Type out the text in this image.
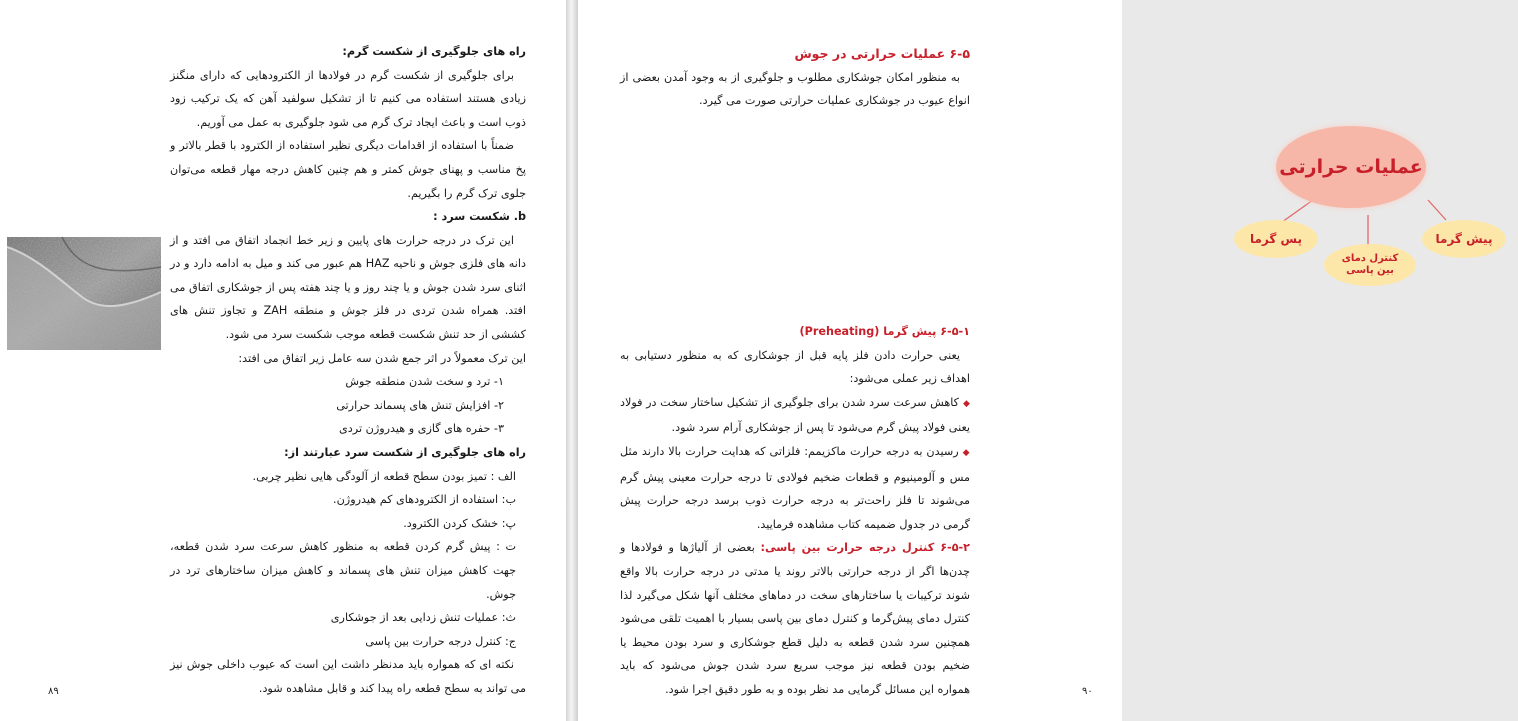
راه های جلوگیری از شکست گرم:

برای جلوگیری از شکست گرم در فولادها از الکترودهایی که دارای منگنز زیادی هستند استفاده می کنیم تا از تشکیل سولفید آهن که یک ترکیب زود ذوب است و باعث ایجاد ترک گرم می شود جلوگیری به عمل می آوریم.

ضمناً با استفاده از اقدامات دیگری نظیر استفاده از الکترود با قطر بالاتر و پخ مناسب و پهنای جوش کمتر و هم چنین کاهش درجه مهار قطعه می‌توان جلوی ترک گرم را بگیریم.

b. شکست سرد :

این ترک در درجه حرارت های پایین و زیر خط انجماد اتفاق می افتد و از دانه های فلزی جوش و ناحیه HAZ هم عبور می کند و میل به ادامه دارد و در اثنای سرد شدن جوش و یا چند روز و یا چند هفته پس از جوشکاری اتفاق می افتد. همراه شدن تردی در فلز جوش و منطقه ZAH و تجاوز تنش های کششی از حد تنش شکست قطعه موجب شکست سرد می شود.

این ترک معمولاً در اثر جمع شدن سه عامل زیر اتفاق می افتد:

۱- ترد و سخت شدن منطقه جوش

۲- افزایش تنش های پسماند حرارتی

۳- حفره های گازی و هیدروژن تردی

راه های جلوگیری از شکست سرد عبارتند از:

الف : تمیز بودن سطح قطعه از آلودگی هایی نظیر چربی.

ب: استفاده از الکترودهای کم هیدروژن.

پ: خشک کردن الکترود.

ت : پیش گرم کردن قطعه به منظور کاهش سرعت سرد شدن قطعه، جهت کاهش میزان تنش های پسماند و کاهش میزان ساختارهای ترد در جوش.

ث: عملیات تنش زدایی بعد از جوشکاری

ج: کنترل درجه حرارت بین پاسی

نکته ای که همواره باید مدنظر داشت این است که عیوب داخلی جوش نیز می تواند به سطح قطعه راه پیدا کند و قابل مشاهده شود.

۸۹

۶-۵ عملیات حرارتی در جوش

به منظور امکان جوشکاری مطلوب و جلوگیری از به وجود آمدن بعضی از انواع عیوب در جوشکاری عملیات حرارتی صورت می گیرد.

۶-۵-۱ پیش گرما (Preheating)

یعنی حرارت دادن فلز پایه قبل از جوشکاری که به منظور دستیابی به اهداف زیر عملی می‌شود:

◆کاهش سرعت سرد شدن برای جلوگیری از تشکیل ساختار سخت در فولاد یعنی فولاد پیش گرم می‌شود تا پس از جوشکاری آرام سرد شود.

◆رسیدن به درجه حرارت ماکزیمم: فلزاتی که هدایت حرارت بالا دارند مثل مس و آلومینیوم و قطعات ضخیم فولادی تا درجه حرارت معینی پیش گرم می‌شوند تا فلز راحت‌تر به درجه حرارت ذوب برسد درجه حرارت پیش گرمی در جدول ضمیمه کتاب مشاهده فرمایید.

۶-۵-۲ کنترل درجه حرارت بین پاسی: بعضی از آلیاژها و فولادها و چدن‌ها اگر از درجه حرارتی بالاتر روند یا مدتی در درجه حرارت بالا واقع شوند ترکیبات یا ساختارهای سخت در دماهای مختلف آنها شکل می‌گیرد لذا کنترل دمای پیش‌گرما و کنترل دمای بین پاسی بسیار با اهمیت تلقی می‌شود همچنین سرد شدن قطعه به دلیل قطع جوشکاری و سرد بودن محیط یا ضخیم بودن قطعه نیز موجب سریع سرد شدن جوش می‌شود که باید همواره این مسائل گرمایی مد نظر بوده و به طور دقیق اجرا شود.

عملیات حرارتی
پس گرما
کنترل دمای بین پاسی
پیش گرما
۹۰
